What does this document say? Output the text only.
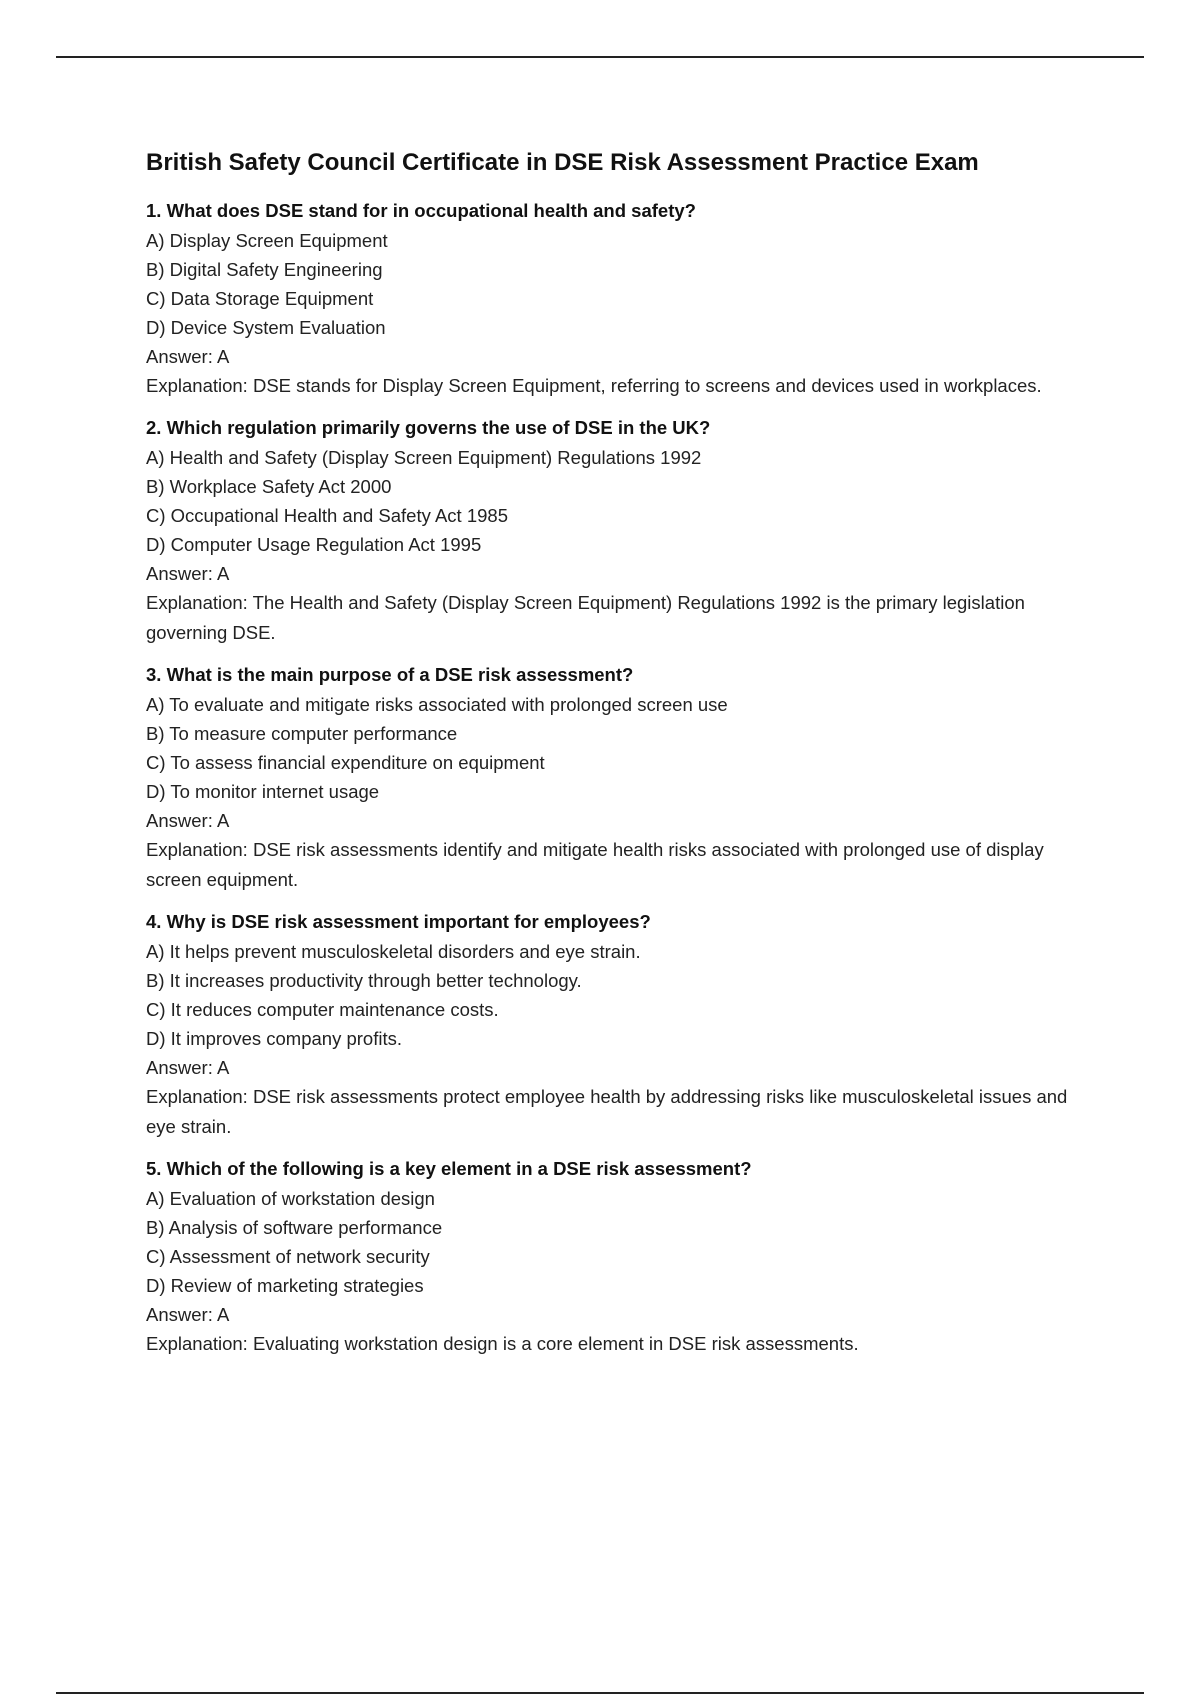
British Safety Council Certificate in DSE Risk Assessment Practice Exam

1. What does DSE stand for in occupational health and safety?

A) Display Screen Equipment

B) Digital Safety Engineering

C) Data Storage Equipment

D) Device System Evaluation

Answer: A

Explanation: DSE stands for Display Screen Equipment, referring to screens and devices used in workplaces.

2. Which regulation primarily governs the use of DSE in the UK?

A) Health and Safety (Display Screen Equipment) Regulations 1992

B) Workplace Safety Act 2000

C) Occupational Health and Safety Act 1985

D) Computer Usage Regulation Act 1995

Answer: A

Explanation: The Health and Safety (Display Screen Equipment) Regulations 1992 is the primary legislation governing DSE.

3. What is the main purpose of a DSE risk assessment?

A) To evaluate and mitigate risks associated with prolonged screen use

B) To measure computer performance

C) To assess financial expenditure on equipment

D) To monitor internet usage

Answer: A

Explanation: DSE risk assessments identify and mitigate health risks associated with prolonged use of display screen equipment.

4. Why is DSE risk assessment important for employees?

A) It helps prevent musculoskeletal disorders and eye strain.

B) It increases productivity through better technology.

C) It reduces computer maintenance costs.

D) It improves company profits.

Answer: A

Explanation: DSE risk assessments protect employee health by addressing risks like musculoskeletal issues and eye strain.

5. Which of the following is a key element in a DSE risk assessment?

A) Evaluation of workstation design

B) Analysis of software performance

C) Assessment of network security

D) Review of marketing strategies

Answer: A

Explanation: Evaluating workstation design is a core element in DSE risk assessments.
